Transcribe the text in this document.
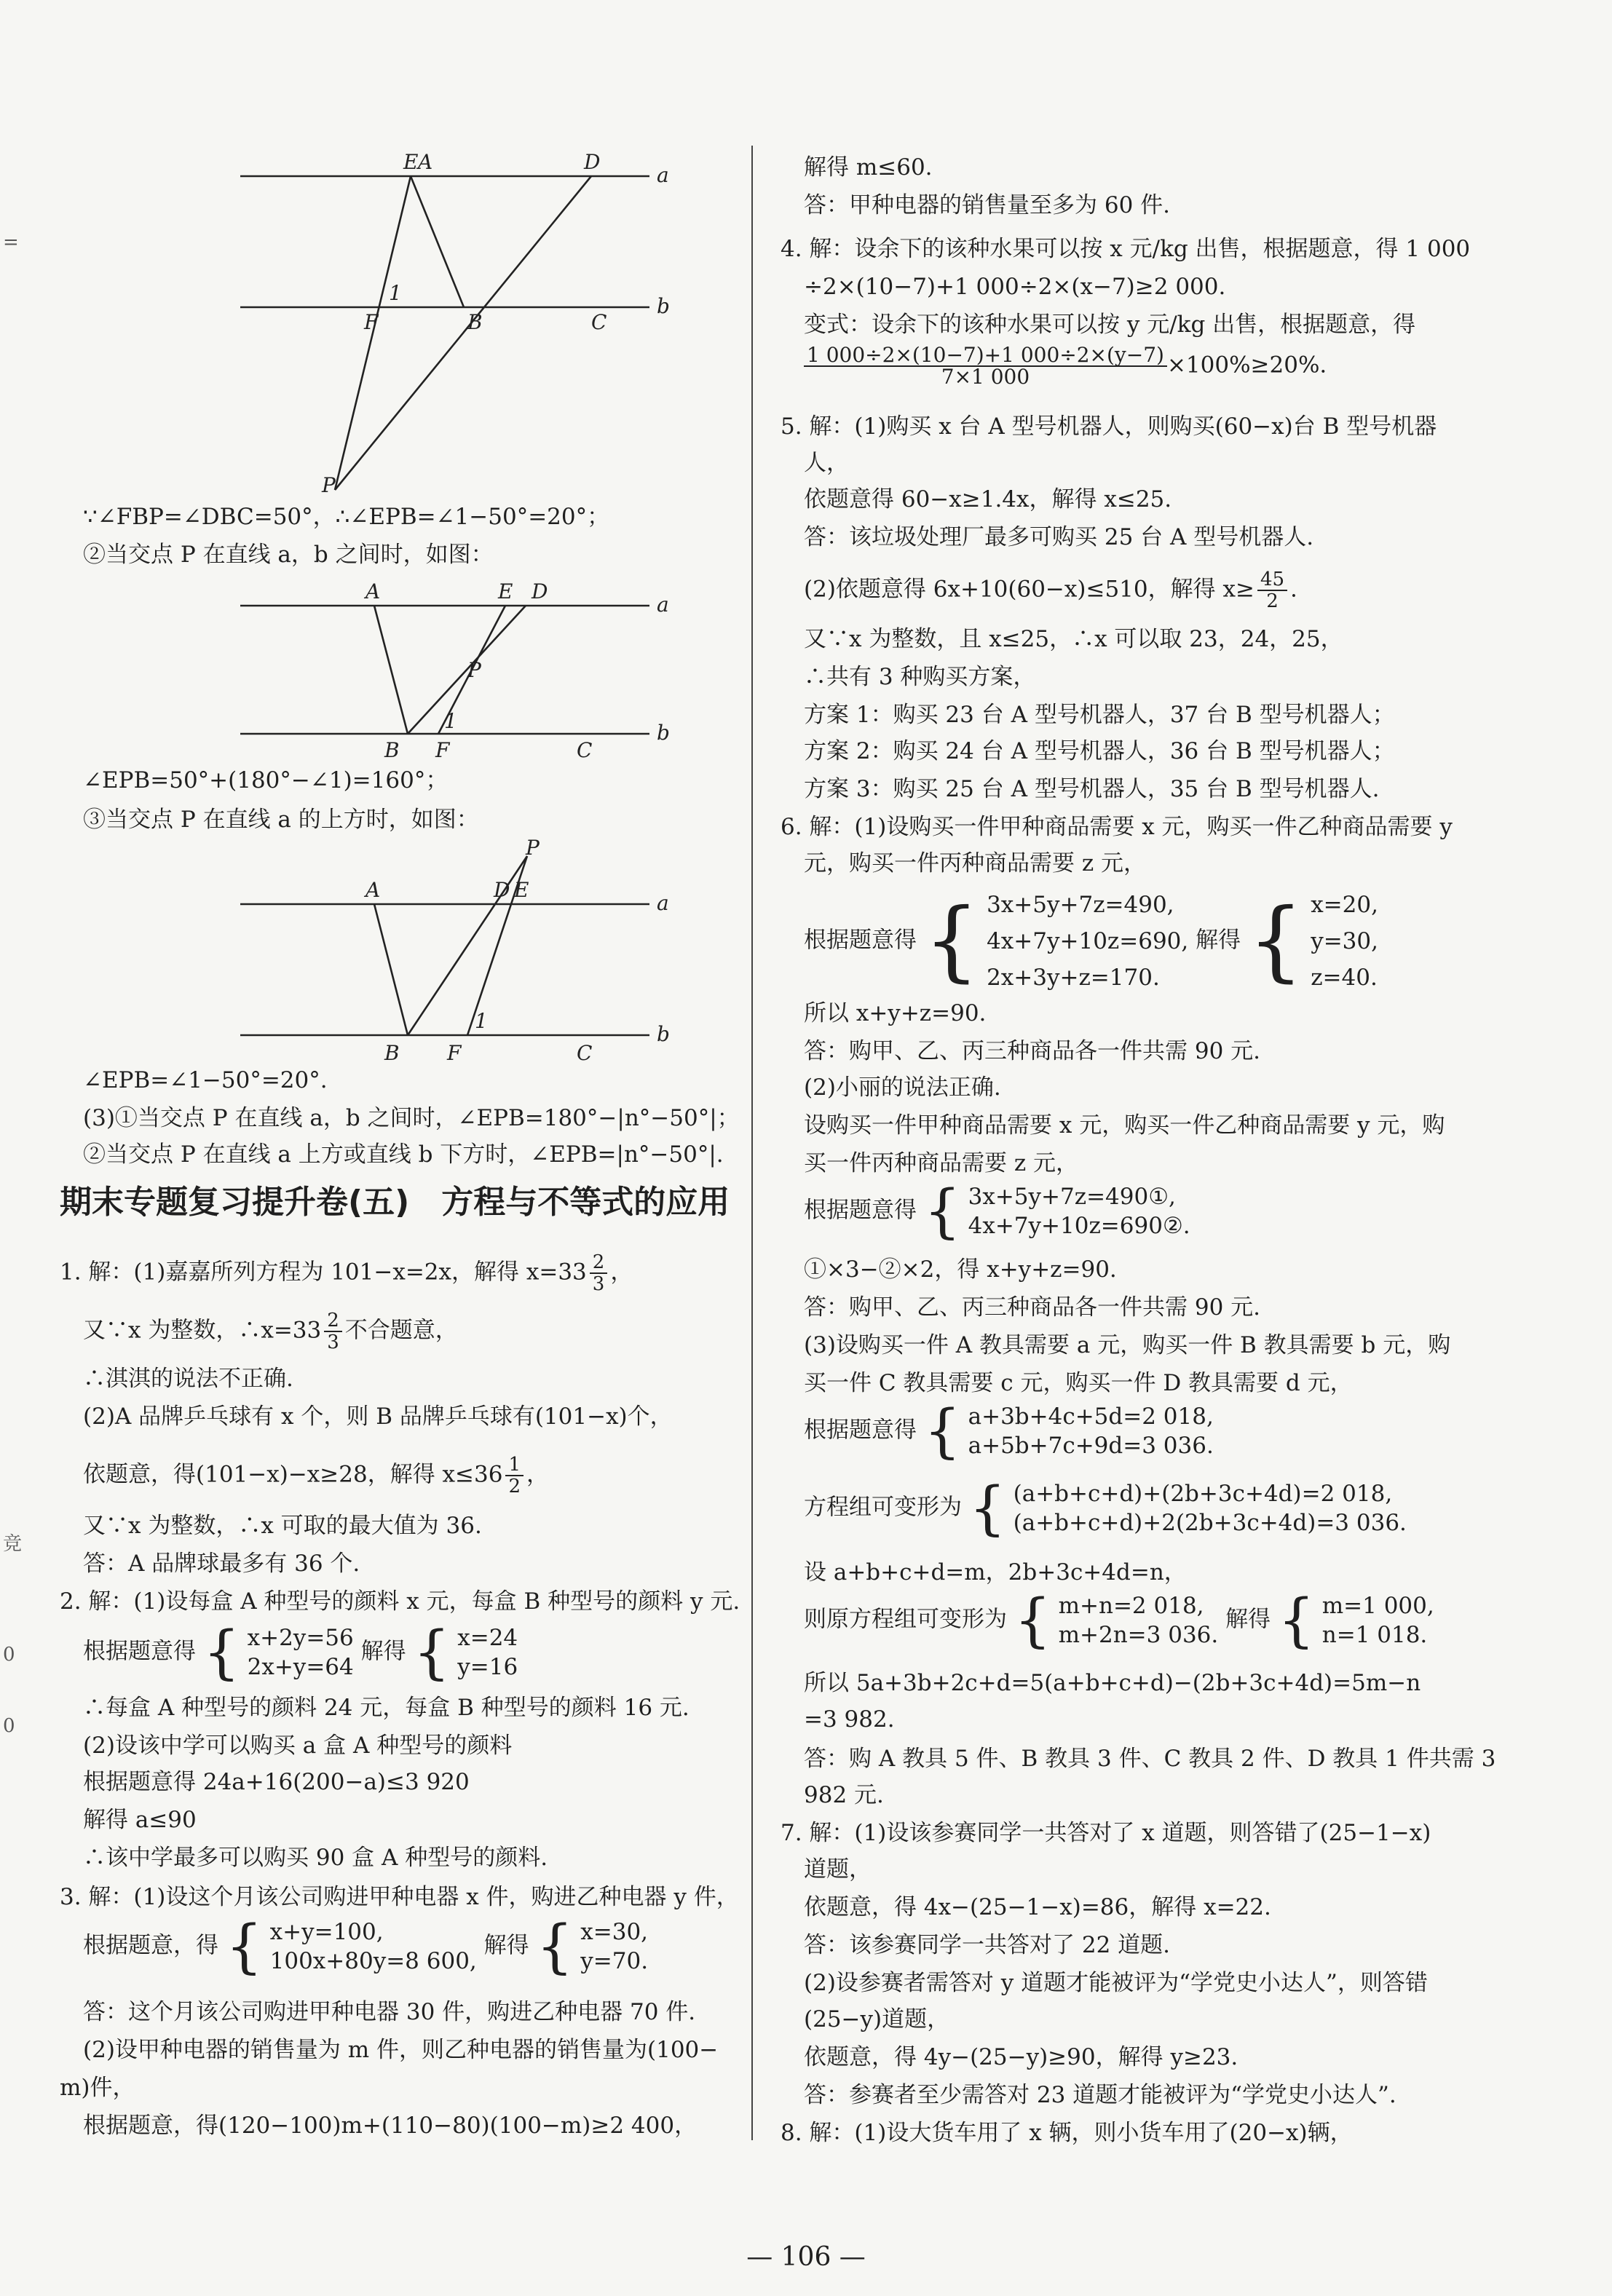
=
竞
0
0
E A	D
a
1
F	B	C
b
P
∵∠FBP=∠DBC=50°，∴∠EPB=∠1−50°=20°；
②当交点 P 在直线 a，b 之间时，如图：
A	E D
a
P
1
B F	C
b
∠EPB=50°+(180°−∠1)=160°；
③当交点 P 在直线 a 的上方时，如图：
P
A	D E
a
1
B F	C
b
∠EPB=∠1−50°=20°.
(3)①当交点 P 在直线 a，b 之间时，∠EPB=180°−|n°−50°|；
②当交点 P 在直线 a 上方或直线 b 下方时，∠EPB=|n°−50°|.
期末专题复习提升卷(五)　方程与不等式的应用
1. 解：(1)嘉嘉所列方程为 101−x=2x，解得 $x=33 \frac{2}{3}$ ，
又∵x 为整数，∴x=33 $\frac{2}{3}$ 不合题意，
∴淇淇的说法不正确.
(2)A 品牌乒乓球有 x 个，则 B 品牌乒乓球有(101−x)个，
依题意，得(101−x)−x≥28，解得 $x\le 36 \frac{1}{2}$ ，
又∵x 为整数，∴x 可取的最大值为 36.
答：A 品牌球最多有 36 个.
2. 解：(1)设每盒 A 种型号的颜料 x 元，每盒 B 种型号的颜料 y 元.
根据题意得 { x+2y=56
2x+y=64
解得 { x=24
y=16
∴每盒 A 种型号的颜料 24 元，每盒 B 种型号的颜料 16 元.
(2)设该中学可以购买 a 盒 A 种型号的颜料
根据题意得 24a+16(200−a)≤3 920
解得 a≤90
∴该中学最多可以购买 90 盒 A 种型号的颜料.
3. 解：(1)设这个月该公司购进甲种电器 x 件，购进乙种电器 y 件，
根据题意，得 { x+y=100,
100x+80y=8 600,
解得 { x=30,
y=70.
答：这个月该公司购进甲种电器 30 件，购进乙种电器 70 件.
(2)设甲种电器的销售量为 m 件，则乙种电器的销售量为(100−
m)件，
根据题意，得(120−100)m+(110−80)(100−m)≥2 400，
解得 m≤60.
答：甲种电器的销售量至多为 60 件.
4. 解：设余下的该种水果可以按 x 元/kg 出售，根据题意，得 1 000
÷2×(10−7)+1 000÷2×(x−7)≥2 000.
变式：设余下的该种水果可以按 y 元/kg 出售，根据题意，得
$\frac{1 000\div 2\times(10-7)+1 000\div 2\times(y-7)}{7\times 1 000} \times 100\%\ge 20\%$.
5. 解：(1)购买 x 台 A 型号机器人，则购买(60−x)台 B 型号机器
人，
依题意得 60−x≥1.4x，解得 x≤25.
答：该垃圾处理厂最多可购买 25 台 A 型号机器人.
(2)依题意得 6x+10(60−x)≤510，解得 $x\ge \frac{45}{2}$ .
又∵x 为整数，且 x≤25，∴x 可以取 23，24，25，
∴共有 3 种购买方案，
方案 1：购买 23 台 A 型号机器人，37 台 B 型号机器人；
方案 2：购买 24 台 A 型号机器人，36 台 B 型号机器人；
方案 3：购买 25 台 A 型号机器人，35 台 B 型号机器人.
6. 解：(1)设购买一件甲种商品需要 x 元，购买一件乙种商品需要 y
元，购买一件丙种商品需要 z 元，
根据题意得 { 3x+5y+7z=490,
4x+7y+10z=690,
2x+3y+z=170.
解得 { x=20,
y=30,
z=40.
所以 x+y+z=90.
答：购甲、乙、丙三种商品各一件共需 90 元.
(2)小丽的说法正确.
设购买一件甲种商品需要 x 元，购买一件乙种商品需要 y 元，购
买一件丙种商品需要 z 元，
根据题意得 { 3x+5y+7z=490①,
4x+7y+10z=690②.
①×3−②×2，得 x+y+z=90.
答：购甲、乙、丙三种商品各一件共需 90 元.
(3)设购买一件 A 教具需要 a 元，购买一件 B 教具需要 b 元，购
买一件 C 教具需要 c 元，购买一件 D 教具需要 d 元，
根据题意得 { a+3b+4c+5d=2 018,
a+5b+7c+9d=3 036.
方程组可变形为 { (a+b+c+d)+(2b+3c+4d)=2 018,
(a+b+c+d)+2(2b+3c+4d)=3 036.
设 a+b+c+d=m，2b+3c+4d=n，
则原方程组可变形为 { m+n=2 018,
m+2n=3 036.
解得 { m=1 000,
n=1 018.
所以 5a+3b+2c+d=5(a+b+c+d)−(2b+3c+4d)=5m−n
=3 982.
答：购 A 教具 5 件、B 教具 3 件、C 教具 2 件、D 教具 1 件共需 3
982 元.
7. 解：(1)设该参赛同学一共答对了 x 道题，则答错了(25−1−x)
道题，
依题意，得 4x−(25−1−x)=86，解得 x=22.
答：该参赛同学一共答对了 22 道题.
(2)设参赛者需答对 y 道题才能被评为“学党史小达人”，则答错
(25−y)道题，
依题意，得 4y−(25−y)≥90，解得 y≥23.
答：参赛者至少需答对 23 道题才能被评为“学党史小达人”.
8. 解：(1)设大货车用了 x 辆，则小货车用了(20−x)辆，
— 106 —
